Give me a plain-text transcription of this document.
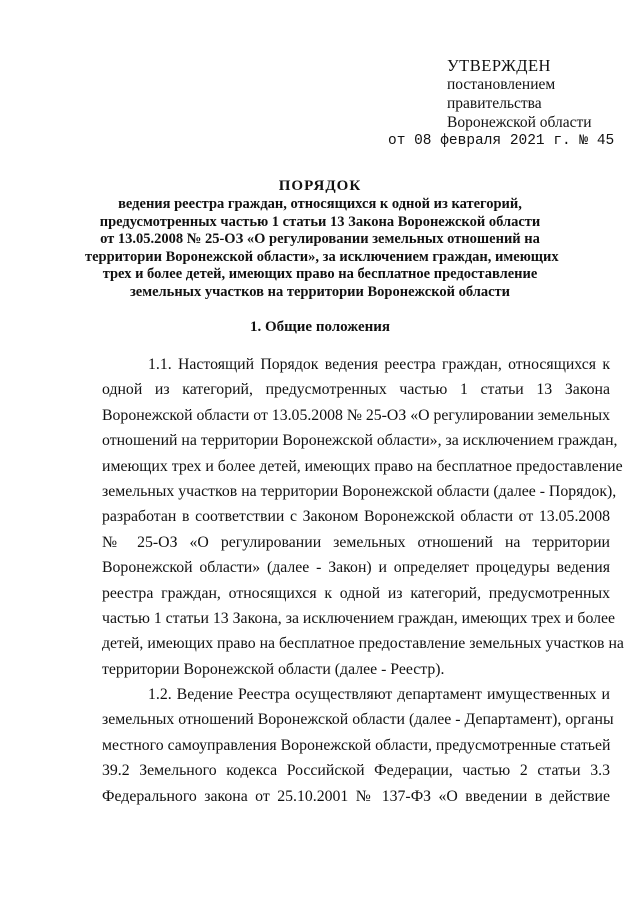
УТВЕРЖДЕН
постановлением
правительства
Воронежской области
от 08 февраля 2021 г. № 45
ПОРЯДОК
ведения реестра граждан, относящихся к одной из категорий,
предусмотренных частью 1 статьи 13 Закона Воронежской области
от 13.05.2008 № 25-ОЗ «О регулировании земельных отношений на
территории Воронежской области», за исключением граждан, имеющих
трех и более детей, имеющих право на бесплатное предоставление
земельных участков на территории Воронежской области
1. Общие положения
1.1. Настоящий Порядок ведения реестра граждан, относящихся к
одной из категорий, предусмотренных частью 1 статьи 13 Закона
Воронежской области от 13.05.2008 № 25-ОЗ «О регулировании земельных
отношений на территории Воронежской области», за исключением граждан,
имеющих трех и более детей, имеющих право на бесплатное предоставление
земельных участков на территории Воронежской области (далее - Порядок),
разработан в соответствии с Законом Воронежской области от 13.05.2008
№ 25-ОЗ «О регулировании земельных отношений на территории
Воронежской области» (далее - Закон) и определяет процедуры ведения
реестра граждан, относящихся к одной из категорий, предусмотренных
частью 1 статьи 13 Закона, за исключением граждан, имеющих трех и более
детей, имеющих право на бесплатное предоставление земельных участков на
территории Воронежской области (далее - Реестр).
1.2. Ведение Реестра осуществляют департамент имущественных и
земельных отношений Воронежской области (далее - Департамент), органы
местного самоуправления Воронежской области, предусмотренные статьей
39.2 Земельного кодекса Российской Федерации, частью 2 статьи 3.3
Федерального закона от 25.10.2001 № 137-ФЗ «О введении в действие
